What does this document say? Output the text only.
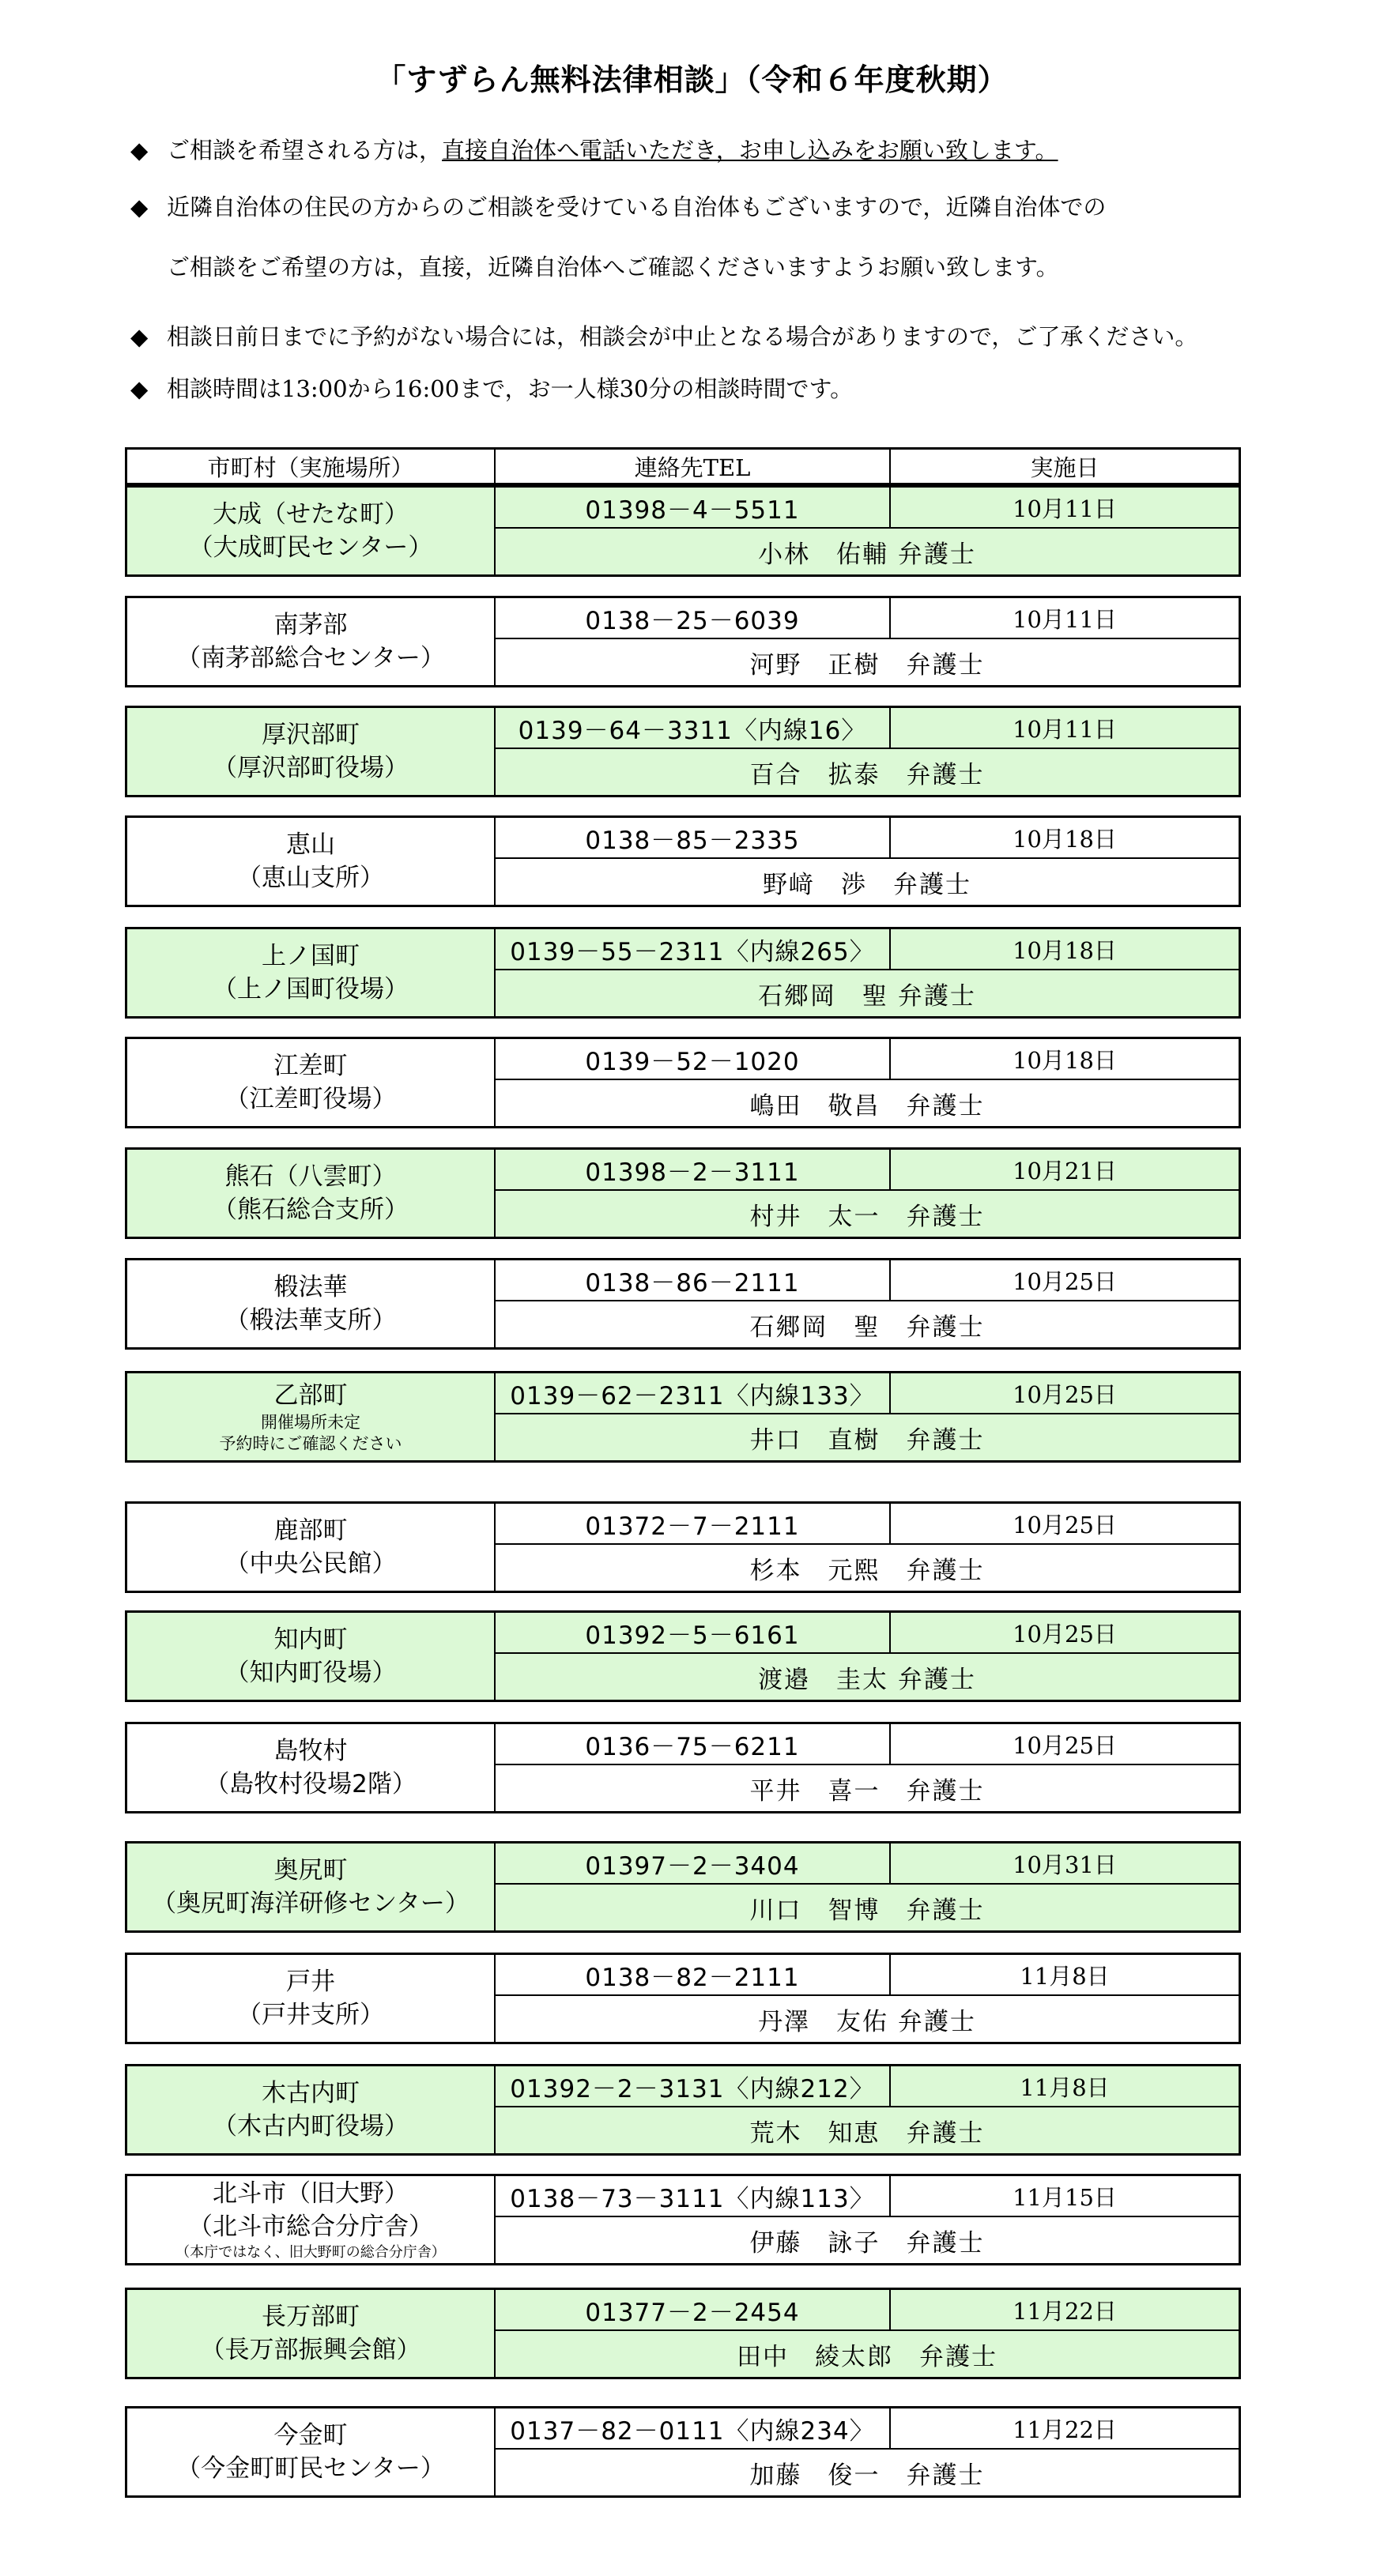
「すずらん無料法律相談」（令和６年度秋期）
◆ ご相談を希望される方は，直接自治体へ電話いただき，お申し込みをお願い致します。
◆ 近隣自治体の住民の方からのご相談を受けている自治体もございますので，近隣自治体での
ご相談をご希望の方は，直接，近隣自治体へご確認くださいますようお願い致します。
◆ 相談日前日までに予約がない場合には，相談会が中止となる場合がありますので，ご了承ください。
◆ 相談時間は13:00から16:00まで，お一人様30分の相談時間です。
市町村（実施場所）	連絡先TEL	実施日
大成（せたな町）
（大成町民センター）
01398－4－5511	10月11日
小林　佑輔 弁護士
南茅部
（南茅部総合センター）
0138－25－6039	10月11日
河野　正樹　弁護士
厚沢部町
（厚沢部町役場）
0139－64－3311〈内線16〉	10月11日
百合　拡泰　弁護士
恵山
（恵山支所）
0138－85－2335	10月18日
野﨑　渉　弁護士
上ノ国町
（上ノ国町役場）
0139－55－2311〈内線265〉	10月18日
石郷岡　聖 弁護士
江差町
（江差町役場）
0139－52－1020	10月18日
嶋田　敬昌　弁護士
熊石（八雲町）
（熊石総合支所）
01398－2－3111	10月21日
村井　太一　弁護士
椴法華
（椴法華支所）
0138－86－2111	10月25日
石郷岡　聖　弁護士
乙部町
開催場所未定
予約時にご確認ください
0139－62－2311〈内線133〉	10月25日
井口　直樹　弁護士
鹿部町
（中央公民館）
01372－7－2111	10月25日
杉本　元熙　弁護士
知内町
（知内町役場）
01392－5－6161	10月25日
渡邉　圭太 弁護士
島牧村
（島牧村役場2階）
0136－75－6211	10月25日
平井　喜一　弁護士
奥尻町
（奥尻町海洋研修センター）
01397－2－3404	10月31日
川口　智博　弁護士
戸井
（戸井支所）
0138－82－2111	11月8日
丹澤　友佑 弁護士
木古内町
（木古内町役場）
01392－2－3131〈内線212〉	11月8日
荒木　知恵　弁護士
北斗市（旧大野）
（北斗市総合分庁舎）
（本庁ではなく、旧大野町の総合分庁舎）
0138－73－3111〈内線113〉	11月15日
伊藤　詠子　弁護士
長万部町
（長万部振興会館）
01377－2－2454	11月22日
田中　綾太郎　弁護士
今金町
（今金町町民センター）
0137－82－0111〈内線234〉	11月22日
加藤　俊一　弁護士
